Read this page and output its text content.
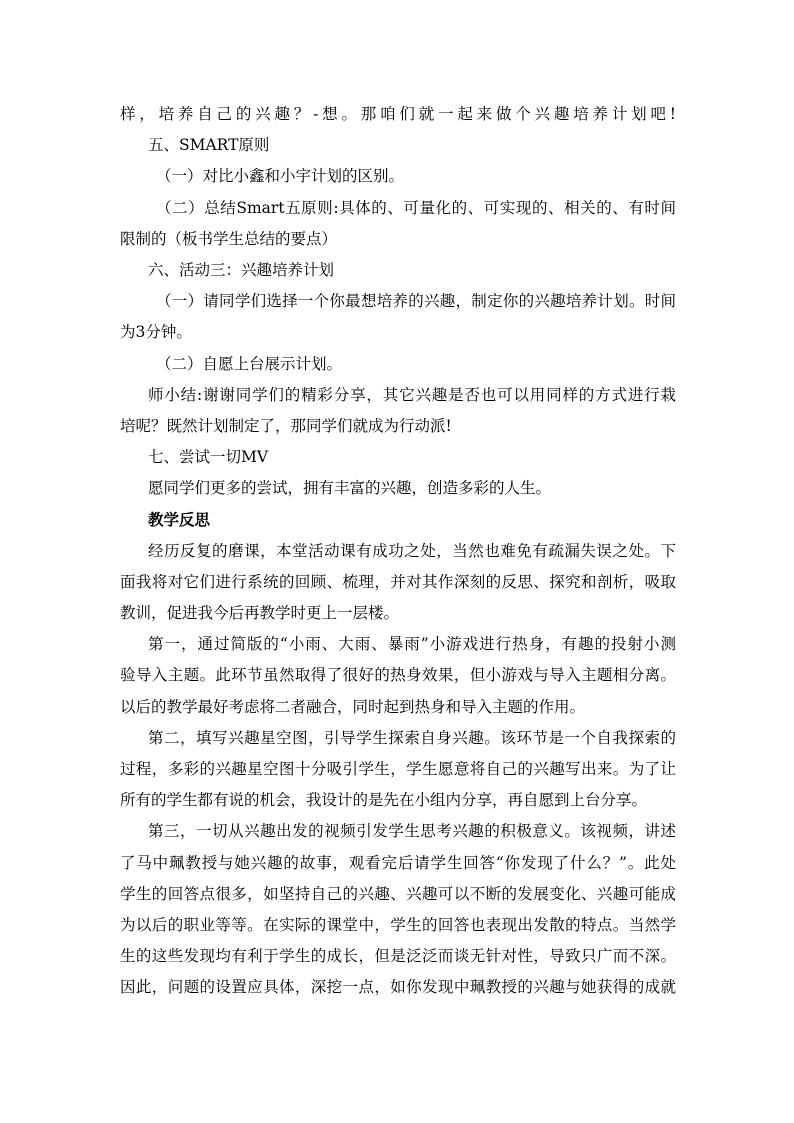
样，培养自己的兴趣？-想。那咱们就一起来做个兴趣培养计划吧!
五、SMART原则
（一）对比小鑫和小宇计划的区别。
（二）总结Smart五原则:具体的、可量化的、可实现的、相关的、有时间
限制的（板书学生总结的要点）
六、活动三：兴趣培养计划
（一）请同学们选择一个你最想培养的兴趣，制定你的兴趣培养计划。时间
为3分钟。
（二）自愿上台展示计划。
师小结:谢谢同学们的精彩分享，其它兴趣是否也可以用同样的方式进行栽
培呢？既然计划制定了，那同学们就成为行动派!
七、尝试一切MV
愿同学们更多的尝试，拥有丰富的兴趣，创造多彩的人生。
教学反思
经历反复的磨课，本堂活动课有成功之处，当然也难免有疏漏失误之处。下
面我将对它们进行系统的回顾、梳理，并对其作深刻的反思、探究和剖析，吸取
教训，促进我今后再教学时更上一层楼。
第一，通过简版的“小雨、大雨、暴雨”小游戏进行热身，有趣的投射小测
验导入主题。此环节虽然取得了很好的热身效果，但小游戏与导入主题相分离。
以后的教学最好考虑将二者融合，同时起到热身和导入主题的作用。
第二，填写兴趣星空图，引导学生探索自身兴趣。该环节是一个自我探索的
过程，多彩的兴趣星空图十分吸引学生，学生愿意将自己的兴趣写出来。为了让
所有的学生都有说的机会，我设计的是先在小组内分享，再自愿到上台分享。
第三，一切从兴趣出发的视频引发学生思考兴趣的积极意义。该视频，讲述
了马中珮教授与她兴趣的故事，观看完后请学生回答“你发现了什么？”。此处
学生的回答点很多，如坚持自己的兴趣、兴趣可以不断的发展变化、兴趣可能成
为以后的职业等等。在实际的课堂中，学生的回答也表现出发散的特点。当然学
生的这些发现均有利于学生的成长，但是泛泛而谈无针对性，导致只广而不深。
因此，问题的设置应具体，深挖一点，如你发现中珮教授的兴趣与她获得的成就
